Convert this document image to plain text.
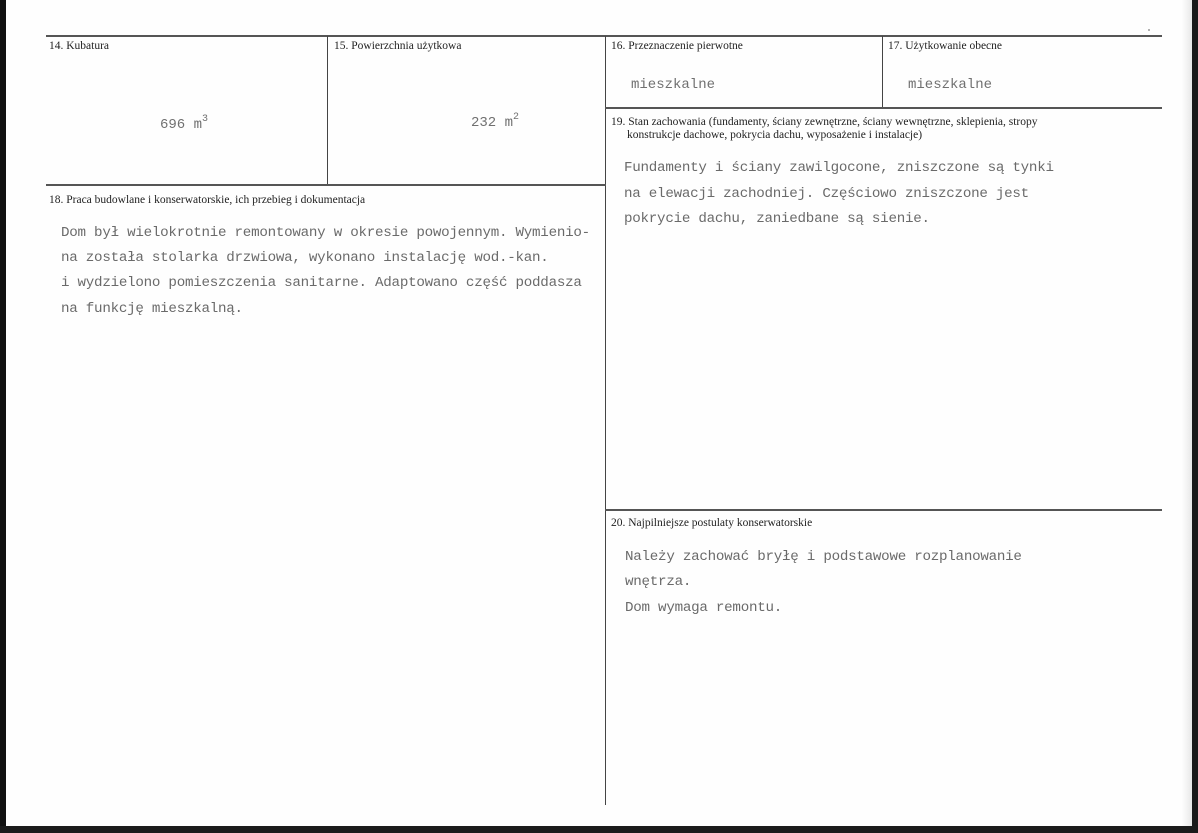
14. Kubatura
696 $m^3$
15. Powierzchnia użytkowa
232 $m^2$
16. Przeznaczenie pierwotne
mieszkalne
17. Użytkowanie obecne
mieszkalne
18. Praca budowlane i konserwatorskie, ich przebieg i dokumentacja
Dom był wielokrotnie remontowany w okresie powojennym. Wymienio-
na została stolarka drzwiowa, wykonano instalację wod.-kan.
i wydzielono pomieszczenia sanitarne. Adaptowano część poddasza
na funkcję mieszkalną.
19. Stan zachowania (fundamenty, ściany zewnętrzne, ściany wewnętrzne, sklepienia, stropy
konstrukcje dachowe, pokrycia dachu, wyposażenie i instalacje)
Fundamenty i ściany zawilgocone, zniszczone są tynki
na elewacji zachodniej. Częściowo zniszczone jest
pokrycie dachu, zaniedbane są sienie.
20. Najpilniejsze postulaty konserwatorskie
Należy zachować bryłę i podstawowe rozplanowanie
wnętrza.
Dom wymaga remontu.
